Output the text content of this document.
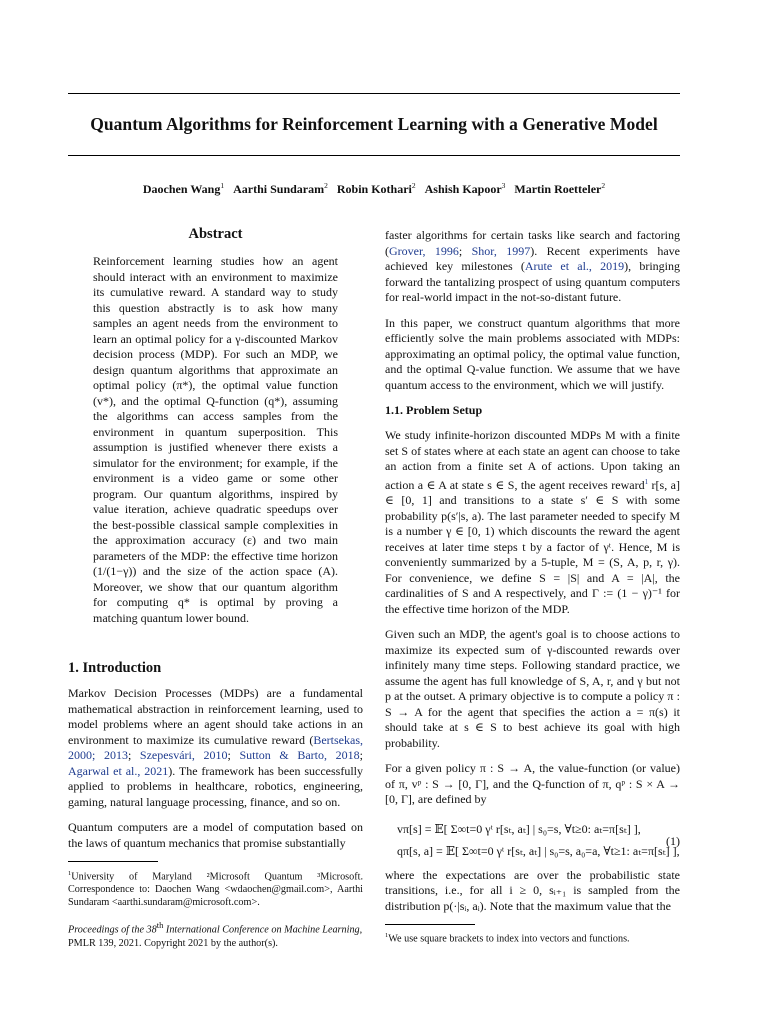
Quantum Algorithms for Reinforcement Learning with a Generative Model
Daochen Wang$^1$ Aarthi Sundaram$^2$ Robin Kothari$^2$ Ashish Kapoor$^3$ Martin Roetteler$^2$
Abstract

Reinforcement learning studies how an agent should interact with an environment to maximize its cumulative reward. A standard way to study this question abstractly is to ask how many samples an agent needs from the environment to learn an optimal policy for a γ-discounted Markov decision process (MDP). For such an MDP, we design quantum algorithms that approximate an optimal policy (π*), the optimal value function (v*), and the optimal Q-function (q*), assuming the algorithms can access samples from the environment in quantum superposition. This assumption is justified whenever there exists a simulator for the environment; for example, if the environment is a video game or some other program. Our quantum algorithms, inspired by value iteration, achieve quadratic speedups over the best-possible classical sample complexities in the approximation accuracy (ε) and two main parameters of the MDP: the effective time horizon (1/(1−γ)) and the size of the action space (A). Moreover, we show that our quantum algorithm for computing q* is optimal by proving a matching quantum lower bound.

1. Introduction

Markov Decision Processes (MDPs) are a fundamental mathematical abstraction in reinforcement learning, used to model problems where an agent should take actions in an environment to maximize its cumulative reward (Bertsekas, 2000; 2013; Szepesvári, 2010; Sutton & Barto, 2018; Agarwal et al., 2021). The framework has been successfully applied to problems in healthcare, robotics, engineering, gaming, natural language processing, finance, and so on.

Quantum computers are a model of computation based on the laws of quantum mechanics that promise substantially

$^1$University of Maryland ²Microsoft Quantum ³Microsoft. Correspondence to: Daochen Wang <wdaochen@gmail.com>, Aarthi Sundaram <aarthi.sundaram@microsoft.com>.

Proceedings of the 38th International Conference on Machine Learning, PMLR 139, 2021. Copyright 2021 by the author(s).

faster algorithms for certain tasks like search and factoring (Grover, 1996; Shor, 1997). Recent experiments have achieved key milestones (Arute et al., 2019), bringing forward the tantalizing prospect of using quantum computers for real-world impact in the not-so-distant future.

In this paper, we construct quantum algorithms that more efficiently solve the main problems associated with MDPs: approximating an optimal policy, the optimal value function, and the optimal Q-value function. We assume that we have quantum access to the environment, which we will justify.

1.1. Problem Setup

We study infinite-horizon discounted MDPs M with a finite set S of states where at each state an agent can choose to take an action from a finite set A of actions. Upon taking an action a ∈ A at state s ∈ S, the agent receives reward$^1$ r[s, a] ∈ [0, 1] and transitions to a state s′ ∈ S with some probability p(s′|s, a). The last parameter needed to specify M is a number γ ∈ [0, 1) which discounts the reward the agent receives at later time steps t by a factor of γᵗ. Hence, M is conveniently summarized by a 5-tuple, M = (S, A, p, r, γ). For convenience, we define S = |S| and A = |A|, the cardinalities of S and A respectively, and Γ := (1 − γ)⁻¹ for the effective time horizon of the MDP.

Given such an MDP, the agent's goal is to choose actions to maximize its expected sum of γ-discounted rewards over infinitely many time steps. Following standard practice, we assume the agent has full knowledge of S, A, r, and γ but not p at the outset. A primary objective is to compute a policy π : S → A for the agent that specifies the action a = π(s) it should take at s ∈ S to best achieve its goal with high probability.

For a given policy π : S → A, the value-function (or value) of π, vᵖ : S → [0, Γ], and the Q-function of π, qᵖ : S × A → [0, Γ], are defined by

vπ[s] = 𝔼[ Σ∞t=0 γᵗ r[sₜ, aₜ] | s₀=s, ∀t≥0: aₜ=π[sₜ] ],
qπ[s, a] = 𝔼[ Σ∞t=0 γᵗ r[sₜ, aₜ] | s₀=s, a₀=a, ∀t≥1: aₜ=π[sₜ] ],
(1)

where the expectations are over the probabilistic state transitions, i.e., for all i ≥ 0, sᵢ₊₁ is sampled from the distribution p(·|sᵢ, aᵢ). Note that the maximum value that the

$^1$We use square brackets to index into vectors and functions.
